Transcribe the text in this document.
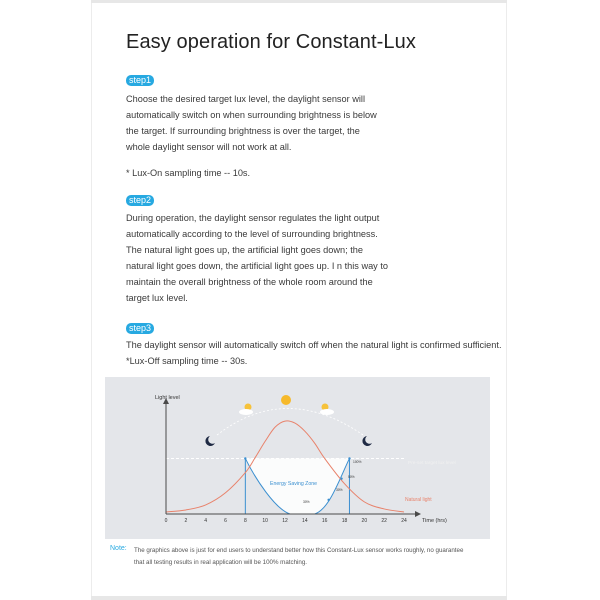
Easy operation for Constant-Lux
step1

Choose the desired target lux level, the daylight sensor will
automatically switch on when surrounding brightness is below
the target. If surrounding brightness is over the target, the
whole daylight sensor will not work at all.

* Lux-On sampling time -- 10s.

step2

During operation, the daylight sensor regulates the light output
automatically according to the level of surrounding brightness.
The natural light goes up, the artificial light goes down; the
natural light goes down, the artificial light goes up. I n this way to
maintain the overall brightness of the whole room around the
target lux level.

step3

The daylight sensor will automatically switch off when the natural light is confirmed sufficient.
*Lux-Off sampling time -- 30s.

0	2	4	6	8	10	12	14	16	18	20	22	24
Light level
Time (hrs)
Pre-set target lux level
Energy Saving Zone
Natural light
100%
50%
30%
30%
Note: The graphics above is just for end users to understand better how this Constant-Lux sensor works roughly, no guarantee
that all testing results in real application will be 100% matching.
